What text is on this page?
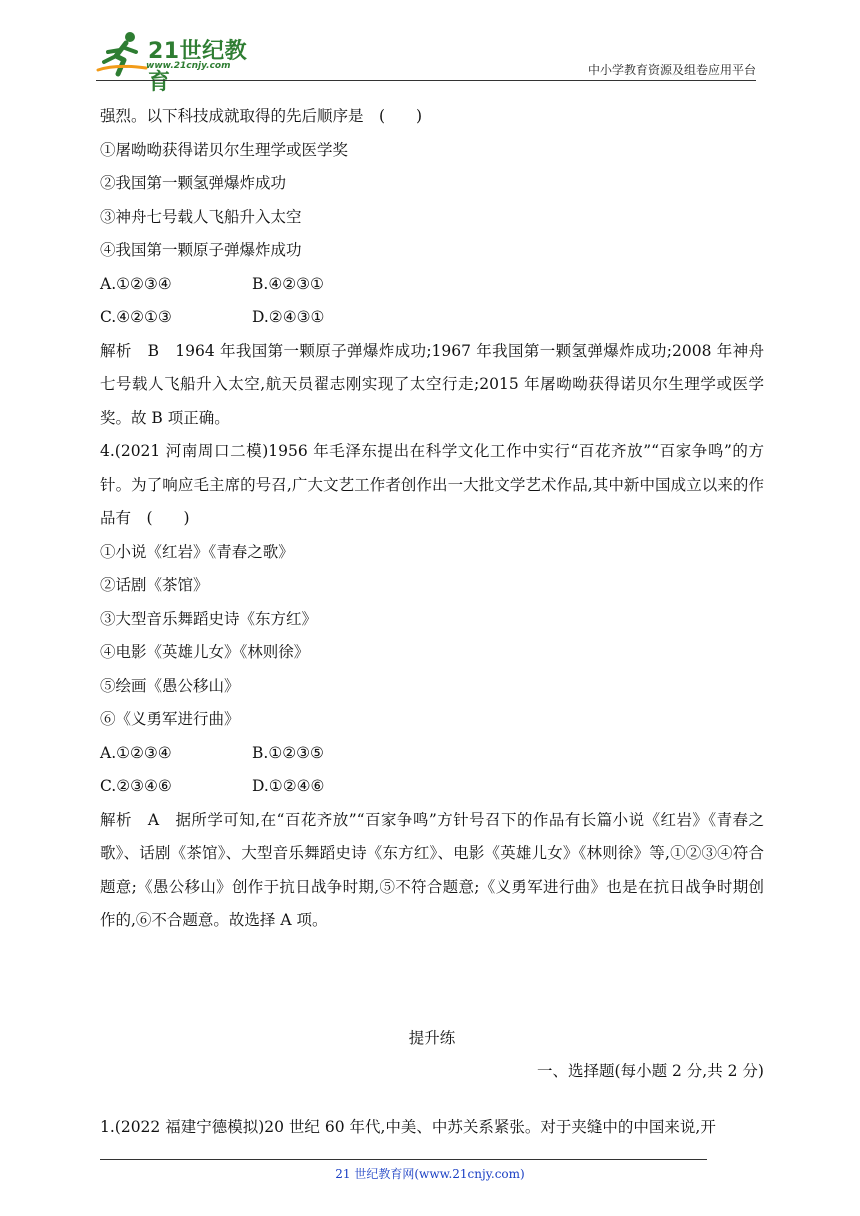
21世纪教育
www.21cnjy.com	中小学教育资源及组卷应用平台
强烈。以下科技成就取得的先后顺序是　(　　)
①屠呦呦获得诺贝尔生理学或医学奖
②我国第一颗氢弹爆炸成功
③神舟七号载人飞船升入太空
④我国第一颗原子弹爆炸成功
A.①②③④	B.④②③①
C.④②①③	D.②④③①
解析　B　1964 年我国第一颗原子弹爆炸成功;1967 年我国第一颗氢弹爆炸成功;2008 年神舟七号载人飞船升入太空,航天员翟志刚实现了太空行走;2015 年屠呦呦获得诺贝尔生理学或医学奖。故 B 项正确。
4.(2021 河南周口二模)1956 年毛泽东提出在科学文化工作中实行“百花齐放”“百家争鸣”的方针。为了响应毛主席的号召,广大文艺工作者创作出一大批文学艺术作品,其中新中国成立以来的作品有　(　　)
①小说《红岩》《青春之歌》
②话剧《茶馆》
③大型音乐舞蹈史诗《东方红》
④电影《英雄儿女》《林则徐》
⑤绘画《愚公移山》
⑥《义勇军进行曲》
A.①②③④	B.①②③⑤
C.②③④⑥	D.①②④⑥
解析　A　据所学可知,在“百花齐放”“百家争鸣”方针号召下的作品有长篇小说《红岩》《青春之歌》、话剧《茶馆》、大型音乐舞蹈史诗《东方红》、电影《英雄儿女》《林则徐》等,①②③④符合题意;《愚公移山》创作于抗日战争时期,⑤不符合题意;《义勇军进行曲》也是在抗日战争时期创作的,⑥不合题意。故选择 A 项。
提升练
一、选择题(每小题 2 分,共 2 分)
1.(2022 福建宁德模拟)20 世纪 60 年代,中美、中苏关系紧张。对于夹缝中的中国来说,开
21 世纪教育网(www.21cnjy.com)
